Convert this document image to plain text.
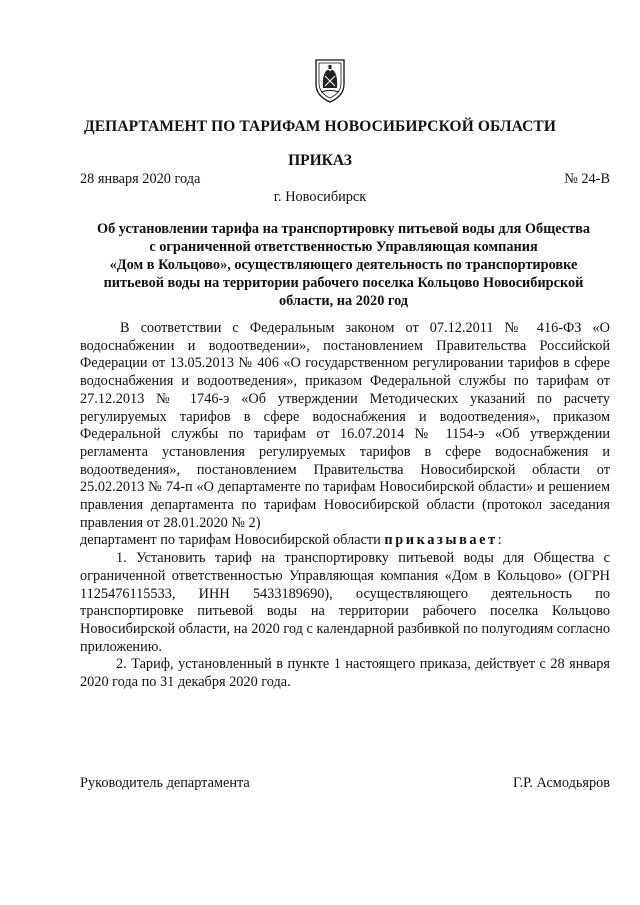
ДЕПАРТАМЕНТ ПО ТАРИФАМ НОВОСИБИРСКОЙ ОБЛАСТИ
ПРИКАЗ
28 января 2020 года	№ 24-В
г. Новосибирск
Об установлении тарифа на транспортировку питьевой воды для Общества
с ограниченной ответственностью Управляющая компания
«Дом в Кольцово», осуществляющего деятельность по транспортировке
питьевой воды на территории рабочего поселка Кольцово Новосибирской
области, на 2020 год

В соответствии с Федеральным законом от 07.12.2011 № 416-ФЗ «О водоснабжении и водоотведении», постановлением Правительства Российской Федерации от 13.05.2013 № 406 «О государственном регулировании тарифов в сфере водоснабжения и водоотведения», приказом Федеральной службы по тарифам от 27.12.2013 № 1746-э «Об утверждении Методических указаний по расчету регулируемых тарифов в сфере водоснабжения и водоотведения», приказом Федеральной службы по тарифам от 16.07.2014 № 1154-э «Об утверждении регламента установления регулируемых тарифов в сфере водоснабжения и водоотведения», постановлением Правительства Новосибирской области от 25.02.2013 № 74-п «О департаменте по тарифам Новосибирской области» и решением правления департамента по тарифам Новосибирской области (протокол заседания правления от 28.01.2020 № 2)

департамент по тарифам Новосибирской области приказывает:

1. Установить тариф на транспортировку питьевой воды для Общества с ограниченной ответственностью Управляющая компания «Дом в Кольцово» (ОГРН 1125476115533, ИНН 5433189690), осуществляющего деятельность по транспортировке питьевой воды на территории рабочего поселка Кольцово Новосибирской области, на 2020 год с календарной разбивкой по полугодиям согласно приложению.

2. Тариф, установленный в пункте 1 настоящего приказа, действует с 28 января 2020 года по 31 декабря 2020 года.

Руководитель департамента	Г.Р. Асмодьяров
